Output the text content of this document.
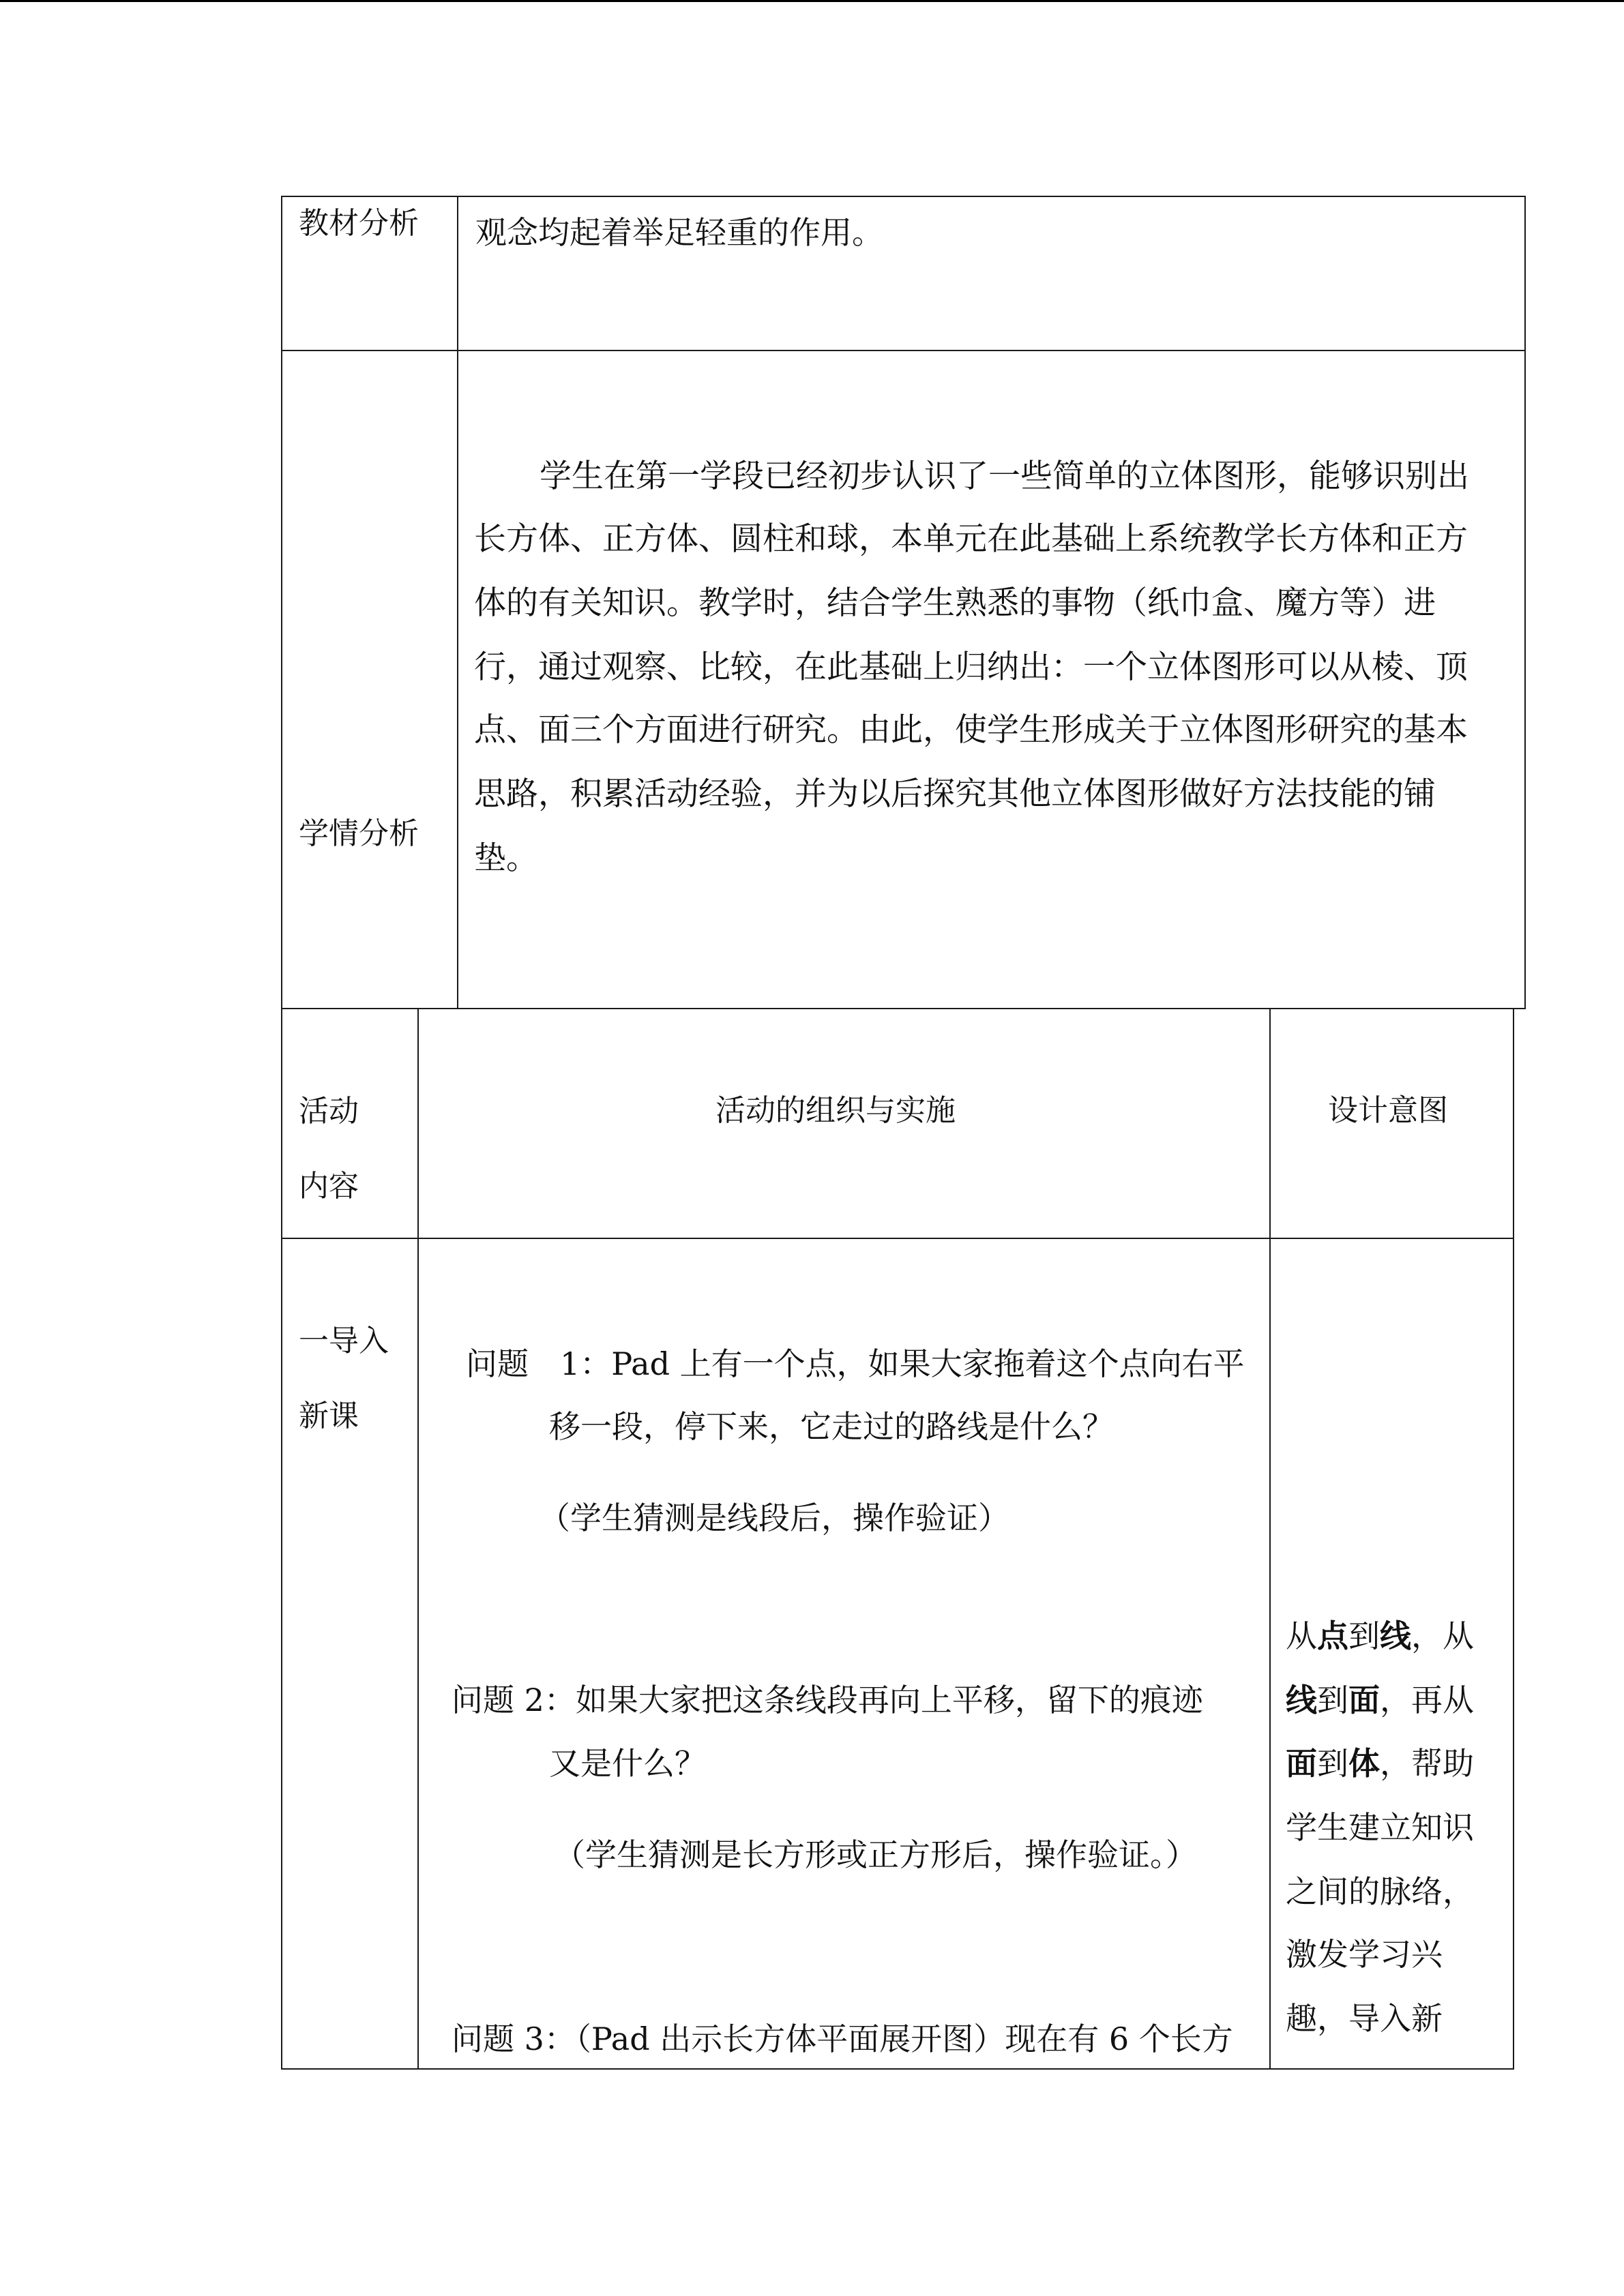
教材分析 观念均起着举足轻重的作用。
学情分析

学生在第一学段已经初步认识了一些简单的立体图形，能够识别出

长方体、正方体、圆柱和球，本单元在此基础上系统教学长方体和正方

体的有关知识。教学时，结合学生熟悉的事物（纸巾盒、魔方等）进

行，通过观察、比较，在此基础上归纳出：一个立体图形可以从棱、顶

点、面三个方面进行研究。由此，使学生形成关于立体图形研究的基本

思路，积累活动经验，并为以后探究其他立体图形做好方法技能的铺

垫。

活动
内容
活动的组织与实施	设计意图
一导入
新课
问题　1：Pad 上有一个点，如果大家拖着这个点向右平
移一段，停下来，它走过的路线是什么？
（学生猜测是线段后，操作验证）
问题 2：如果大家把这条线段再向上平移，留下的痕迹
又是什么？
（学生猜测是长方形或正方形后，操作验证。）
问题 3：（Pad 出示长方体平面展开图）现在有 6 个长方
从点到线，从
线到面，再从
面到体，帮助
学生建立知识
之间的脉络，
激发学习兴
趣，导入新
